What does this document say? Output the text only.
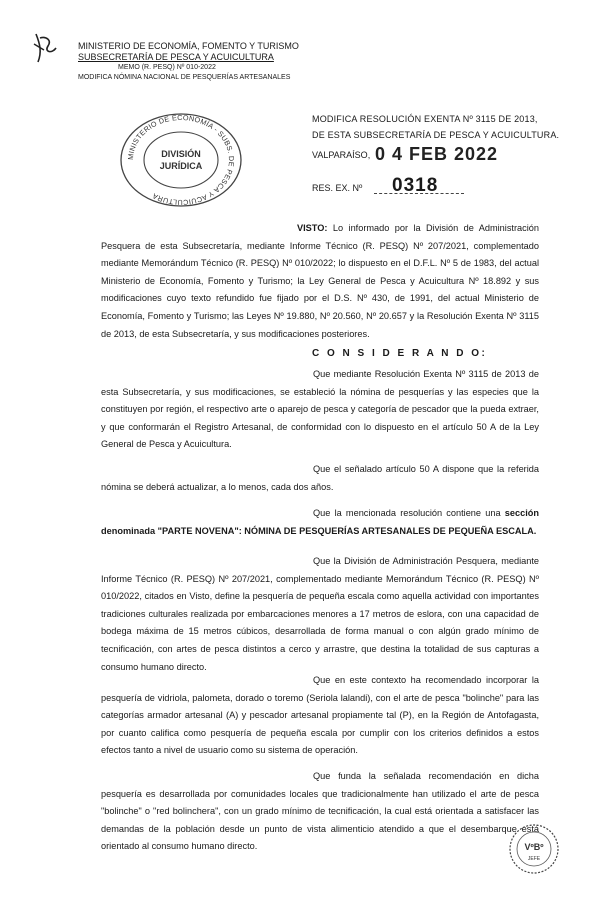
MINISTERIO DE ECONOMÍA, FOMENTO Y TURISMO
SUBSECRETARÍA DE PESCA Y ACUICULTURA
MEMO (R. PESQ) Nº 010-2022
MODIFICA NÓMINA NACIONAL DE PESQUERÍAS ARTESANALES
MINISTERIO DE ECONOMÍA - SUBS. DE PESCA Y ACUICULTURA
DIVISIÓN
JURÍDICA
MODIFICA RESOLUCIÓN EXENTA Nº 3115 DE 2013,
DE ESTA SUBSECRETARÍA DE PESCA Y ACUICULTURA.
VALPARAÍSO, 0 4 FEB 2022
RES. EX. Nº 0318
VISTO: Lo informado por la División de Administración Pesquera de esta Subsecretaría, mediante Informe Técnico (R. PESQ) Nº 207/2021, complementado mediante Memorándum Técnico (R. PESQ) Nº 010/2022; lo dispuesto en el D.F.L. Nº 5 de 1983, del actual Ministerio de Economía, Fomento y Turismo; la Ley General de Pesca y Acuicultura Nº 18.892 y sus modificaciones cuyo texto refundido fue fijado por el D.S. Nº 430, de 1991, del actual Ministerio de Economía, Fomento y Turismo; las Leyes Nº 19.880, Nº 20.560, Nº 20.657 y la Resolución Exenta Nº 3115 de 2013, de esta Subsecretaría, y sus modificaciones posteriores.
C O N S I D E R A N D O:
Que mediante Resolución Exenta Nº 3115 de 2013 de esta Subsecretaría, y sus modificaciones, se estableció la nómina de pesquerías y las especies que la constituyen por región, el respectivo arte o aparejo de pesca y categoría de pescador que la pueda extraer, y que conformarán el Registro Artesanal, de conformidad con lo dispuesto en el artículo 50 A de la Ley General de Pesca y Acuicultura.
Que el señalado artículo 50 A dispone que la referida nómina se deberá actualizar, a lo menos, cada dos años.
Que la mencionada resolución contiene una sección denominada "PARTE NOVENA": NÓMINA DE PESQUERÍAS ARTESANALES DE PEQUEÑA ESCALA.
Que la División de Administración Pesquera, mediante Informe Técnico (R. PESQ) Nº 207/2021, complementado mediante Memorándum Técnico (R. PESQ) Nº 010/2022, citados en Visto, define la pesquería de pequeña escala como aquella actividad con importantes tradiciones culturales realizada por embarcaciones menores a 17 metros de eslora, con una capacidad de bodega máxima de 15 metros cúbicos, desarrollada de forma manual o con algún grado mínimo de tecnificación, con artes de pesca distintos a cerco y arrastre, que destina la totalidad de sus capturas a consumo humano directo.
Que en este contexto ha recomendado incorporar la pesquería de vidriola, palometa, dorado o toremo (Seriola lalandi), con el arte de pesca "bolinche" para las categorías armador artesanal (A) y pescador artesanal propiamente tal (P), en la Región de Antofagasta, por cuanto califica como pesquería de pequeña escala por cumplir con los criterios definidos a estos efectos tanto a nivel de usuario como su sistema de operación.
Que funda la señalada recomendación en dicha pesquería es desarrollada por comunidades locales que tradicionalmente han utilizado el arte de pesca "bolinche" o "red bolinchera", con un grado mínimo de tecnificación, la cual está orientada a satisfacer las demandas de la población desde un punto de vista alimenticio atendido a que el desembarque está orientado al consumo humano directo.	VºBº
JEFE
